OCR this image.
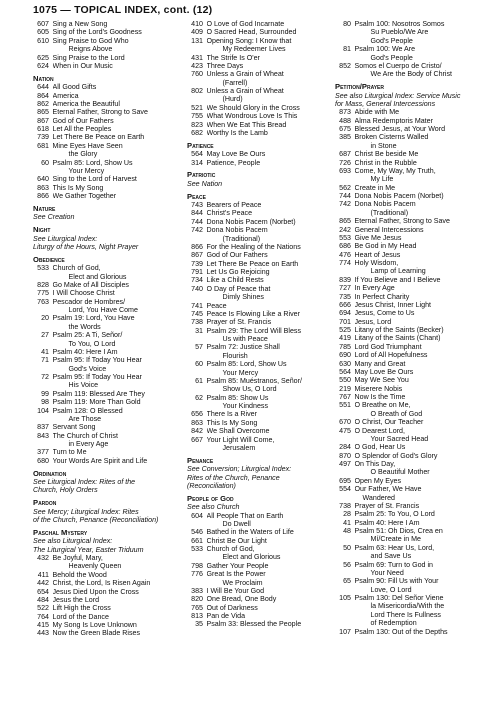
1075 — TOPICAL INDEX, cont. (12)
607 Sing a New Song
605 Sing of the Lord's Goodness
610 Sing Praise to God Who
Reigns Above
625 Sing Praise to the Lord
624 When in Our Music
Nation
644 All Good Gifts
864 America
862 America the Beautiful
865 Eternal Father, Strong to Save
867 God of Our Fathers
618 Let All the Peoples
739 Let There Be Peace on Earth
681 Mine Eyes Have Seen
the Glory
60 Psalm 85: Lord, Show Us
Your Mercy
640 Sing to the Lord of Harvest
863 This Is My Song
866 We Gather Together
Nature
See Creation
Night
See Liturgical Index:
Liturgy of the Hours, Night Prayer
Obedience
533 Church of God,
Elect and Glorious
828 Go Make of All Disciples
775 I Will Choose Christ
763 Pescador de Hombres/
Lord, You Have Come
20 Psalm 19: Lord, You Have
the Words
27 Psalm 25: A Ti, Señor/
To You, O Lord
41 Psalm 40: Here I Am
71 Psalm 95: If Today You Hear
God's Voice
72 Psalm 95: If Today You Hear
His Voice
99 Psalm 119: Blessed Are They
98 Psalm 119: More Than Gold
104 Psalm 128: O Blessed
Are Those
837 Servant Song
843 The Church of Christ
in Every Age
377 Turn to Me
680 Your Words Are Spirit and Life
Ordination
See Liturgical Index: Rites of the
Church, Holy Orders
Pardon
See Mercy; Liturgical Index: Rites
of the Church, Penance (Reconciliation)
Paschal Mystery
See also Liturgical Index:
The Liturgical Year, Easter Triduum
432 Be Joyful, Mary,
Heavenly Queen
411 Behold the Wood
442 Christ, the Lord, Is Risen Again
654 Jesus Died Upon the Cross
484 Jesus the Lord
522 Lift High the Cross
764 Lord of the Dance
415 My Song Is Love Unknown
443 Now the Green Blade Rises
410 O Love of God Incarnate
409 O Sacred Head, Surrounded
131 Opening Song: I Know that
My Redeemer Lives
431 The Strife Is O'er
423 Three Days
760 Unless a Grain of Wheat
(Farrell)
802 Unless a Grain of Wheat
(Hurd)
521 We Should Glory in the Cross
755 What Wondrous Love Is This
823 When We Eat This Bread
682 Worthy Is the Lamb
Patience
564 May Love Be Ours
314 Patience, People
Patriotic
See Nation
Peace
743 Bearers of Peace
844 Christ's Peace
744 Dona Nobis Pacem (Norbet)
742 Dona Nobis Pacem
(Traditional)
866 For the Healing of the Nations
867 God of Our Fathers
739 Let There Be Peace on Earth
791 Let Us Go Rejoicing
734 Like a Child Rests
740 O Day of Peace that
Dimly Shines
741 Peace
745 Peace Is Flowing Like a River
738 Prayer of St. Francis
31 Psalm 29: The Lord Will Bless
Us with Peace
57 Psalm 72: Justice Shall
Flourish
60 Psalm 85: Lord, Show Us
Your Mercy
61 Psalm 85: Muéstranos, Señor/
Show Us, O Lord
62 Psalm 85: Show Us
Your Kindness
656 There Is a River
863 This Is My Song
842 We Shall Overcome
667 Your Light Will Come,
Jerusalem
Penance
See Conversion; Liturgical Index:
Rites of the Church, Penance
(Reconciliation)
People of God
See also Church
604 All People That on Earth
Do Dwell
546 Bathed in the Waters of Life
661 Christ Be Our Light
533 Church of God,
Elect and Glorious
798 Gather Your People
776 Great Is the Power
We Proclaim
383 I Will Be Your God
820 One Bread, One Body
765 Out of Darkness
813 Pan de Vida
35 Psalm 33: Blessed the People
80 Psalm 100: Nosotros Somos
Su Pueblo/We Are
God's People
81 Psalm 100: We Are
God's People
852 Somos el Cuerpo de Cristo/
We Are the Body of Christ
Petition/Prayer
See also Liturgical Index: Service Music
for Mass, General Intercessions
873 Abide with Me
488 Alma Redemptoris Mater
675 Blessed Jesus, at Your Word
385 Broken Cisterns Walled
in Stone
687 Christ Be beside Me
726 Christ in the Rubble
693 Come, My Way, My Truth,
My Life
562 Create in Me
744 Dona Nobis Pacem (Norbet)
742 Dona Nobis Pacem
(Traditional)
865 Eternal Father, Strong to Save
242 General Intercessions
553 Give Me Jesus
686 Be God in My Head
476 Heart of Jesus
774 Holy Wisdom,
Lamp of Learning
839 If You Believe and I Believe
727 In Every Age
735 In Perfect Charity
666 Jesus Christ, Inner Light
694 Jesus, Come to Us
701 Jesus, Lord
525 Litany of the Saints (Becker)
419 Litany of the Saints (Chant)
785 Lord God Triumphant
690 Lord of All Hopefulness
630 Many and Great
564 May Love Be Ours
550 May We See You
219 Miserere Nobis
767 Now Is the Time
551 O Breathe on Me,
O Breath of God
670 O Christ, Our Teacher
475 O Dearest Lord,
Your Sacred Head
284 O God, Hear Us
870 O Splendor of God's Glory
497 On This Day,
O Beautiful Mother
695 Open My Eyes
554 Our Father, We Have
Wandered
738 Prayer of St. Francis
28 Psalm 25: To You, O Lord
41 Psalm 40: Here I Am
48 Psalm 51: Oh Dios, Crea en
Mí/Create in Me
50 Psalm 63: Hear Us, Lord,
and Save Us
56 Psalm 69: Turn to God in
Your Need
65 Psalm 90: Fill Us with Your
Love, O Lord
105 Psalm 130: Del Señor Viene
la Misericordia/With the
Lord There Is Fullness
of Redemption
107 Psalm 130: Out of the Depths
